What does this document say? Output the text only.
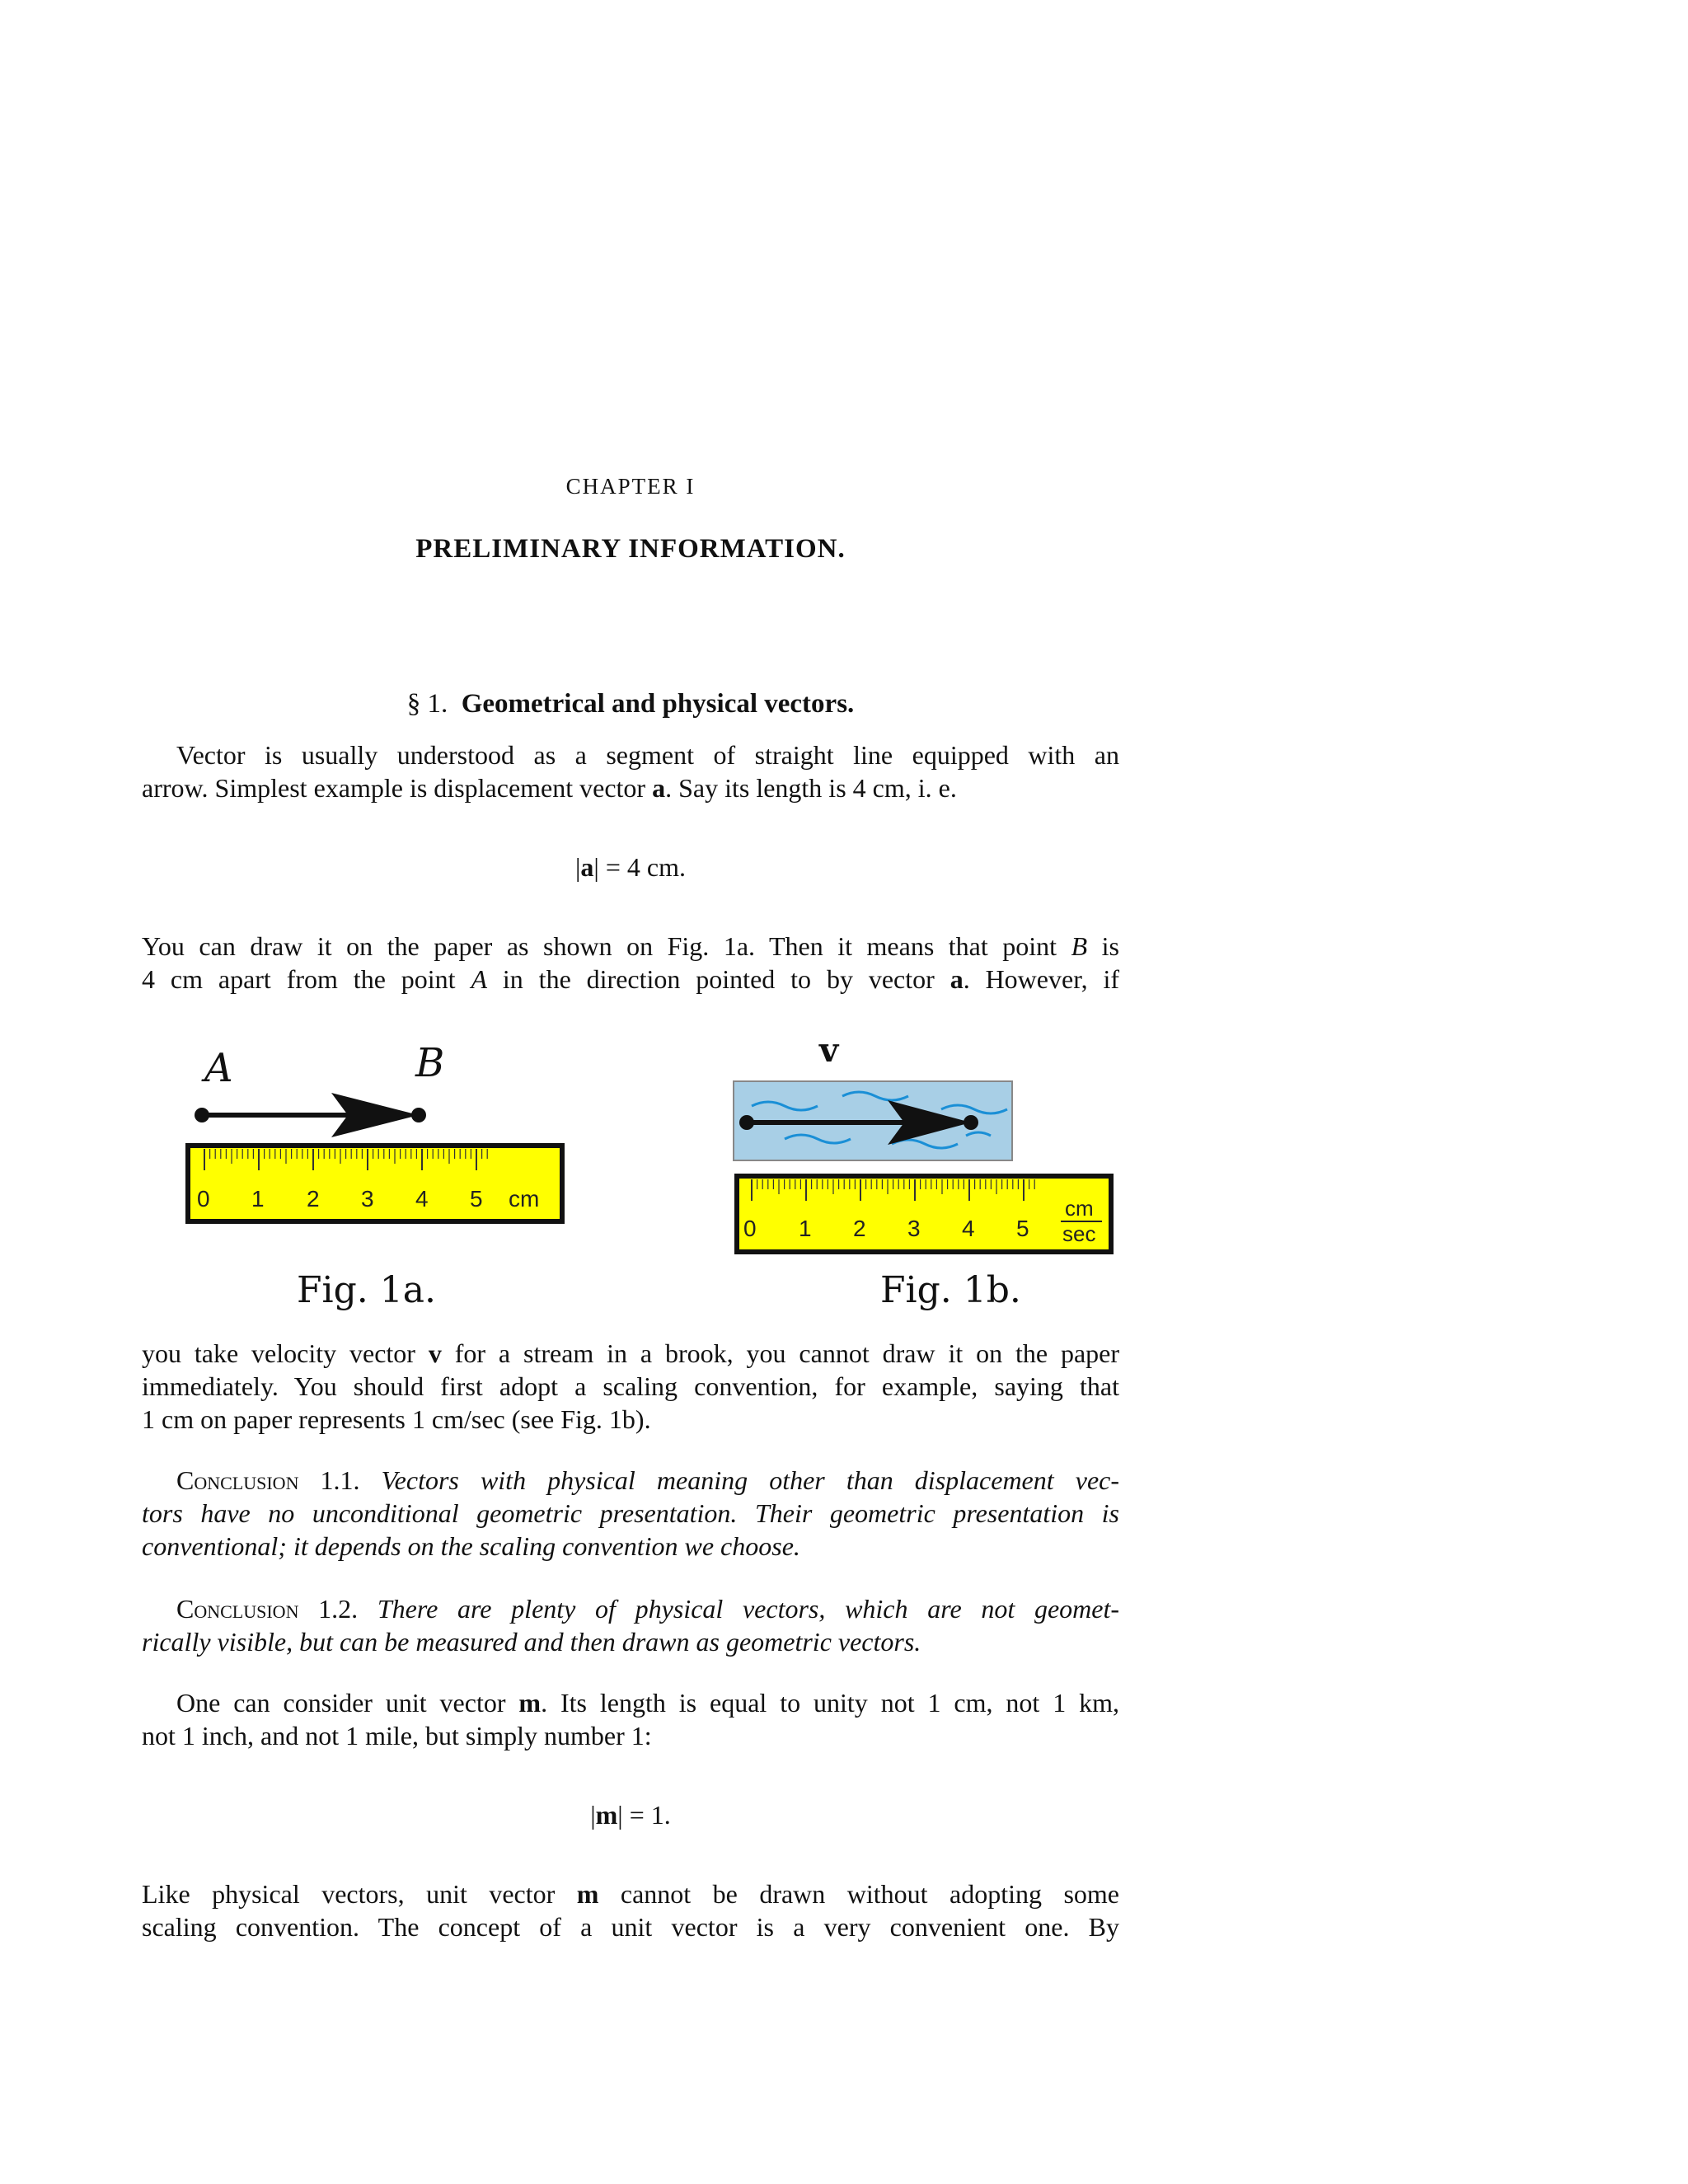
CHAPTER I
PRELIMINARY INFORMATION.
§ 1. Geometrical and physical vectors.
Vector is usually understood as a segment of straight line equipped with an
arrow. Simplest example is displacement vector a. Say its length is 4 cm, i. e.
|a| = 4 cm.
You can draw it on the paper as shown on Fig. 1a. Then it means that point B is
4 cm apart from the point A in the direction pointed to by vector a. However, if
A	B
0 1 2 3 4 5 cm
Fig. 1a.
v
0 1 2 3 4 5
cm
sec
Fig. 1b.
you take velocity vector v for a stream in a brook, you cannot draw it on the paper
immediately. You should first adopt a scaling convention, for example, saying that
1 cm on paper represents 1 cm/sec (see Fig. 1b).
Conclusion 1.1. Vectors with physical meaning other than displacement vec-
tors have no unconditional geometric presentation. Their geometric presentation is
conventional; it depends on the scaling convention we choose.
Conclusion 1.2. There are plenty of physical vectors, which are not geomet-
rically visible, but can be measured and then drawn as geometric vectors.
One can consider unit vector m. Its length is equal to unity not 1 cm, not 1 km,
not 1 inch, and not 1 mile, but simply number 1:
|m| = 1.
Like physical vectors, unit vector m cannot be drawn without adopting some
scaling convention. The concept of a unit vector is a very convenient one. By
